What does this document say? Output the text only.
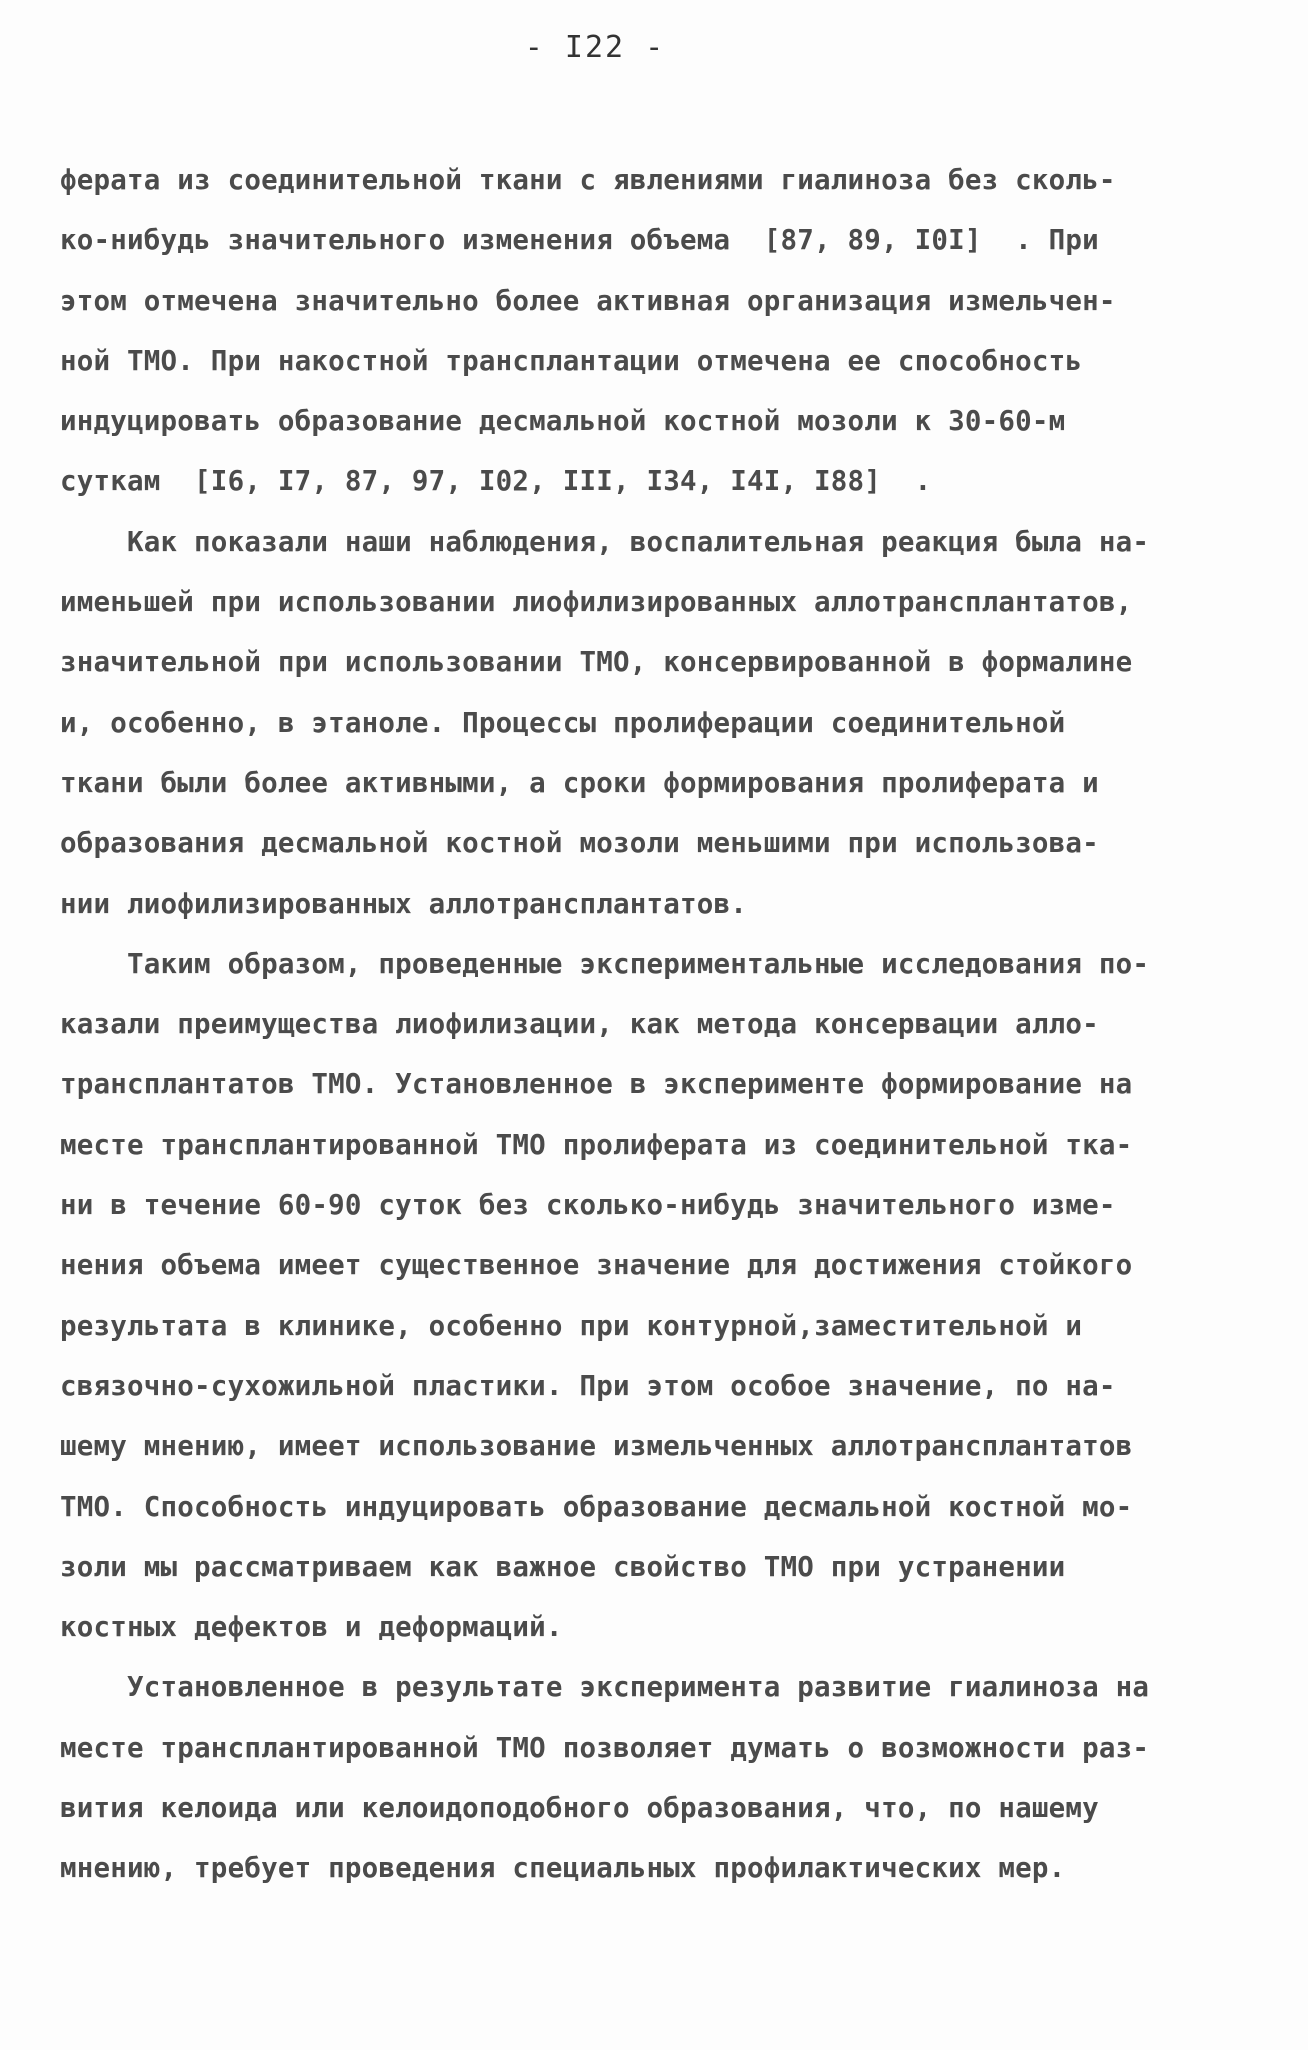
- I22 -
ферата из соединительной ткани с явлениями гиалиноза без сколь-
ко-нибудь значительного изменения объема  [87, 89, I0I]  . При
этом отмечена значительно более активная организация измельчен-
ной ТМО. При накостной трансплантации отмечена ее способность
индуцировать образование десмальной костной мозоли к 30-60-м
суткам  [I6, I7, 87, 97, I02, III, I34, I4I, I88]  .
Как показали наши наблюдения, воспалительная реакция была на-
именьшей при использовании лиофилизированных аллотрансплантатов,
значительной при использовании ТМО, консервированной в формалине
и, особенно, в этаноле. Процессы пролиферации соединительной
ткани были более активными, а сроки формирования пролиферата и
образования десмальной костной мозоли меньшими при использова-
нии лиофилизированных аллотрансплантатов.
Таким образом, проведенные экспериментальные исследования по-
казали преимущества лиофилизации, как метода консервации алло-
трансплантатов ТМО. Установленное в эксперименте формирование на
месте трансплантированной ТМО пролиферата из соединительной тка-
ни в течение 60-90 суток без сколько-нибудь значительного изме-
нения объема имеет существенное значение для достижения стойкого
результата в клинике, особенно при контурной,заместительной и
связочно-сухожильной пластики. При этом особое значение, по на-
шему мнению, имеет использование измельченных аллотрансплантатов
ТМО. Способность индуцировать образование десмальной костной мо-
золи мы рассматриваем как важное свойство ТМО при устранении
костных дефектов и деформаций.
Установленное в результате эксперимента развитие гиалиноза на
месте трансплантированной ТМО позволяет думать о возможности раз-
вития келоида или келоидоподобного образования, что, по нашему
мнению, требует проведения специальных профилактических мер.
